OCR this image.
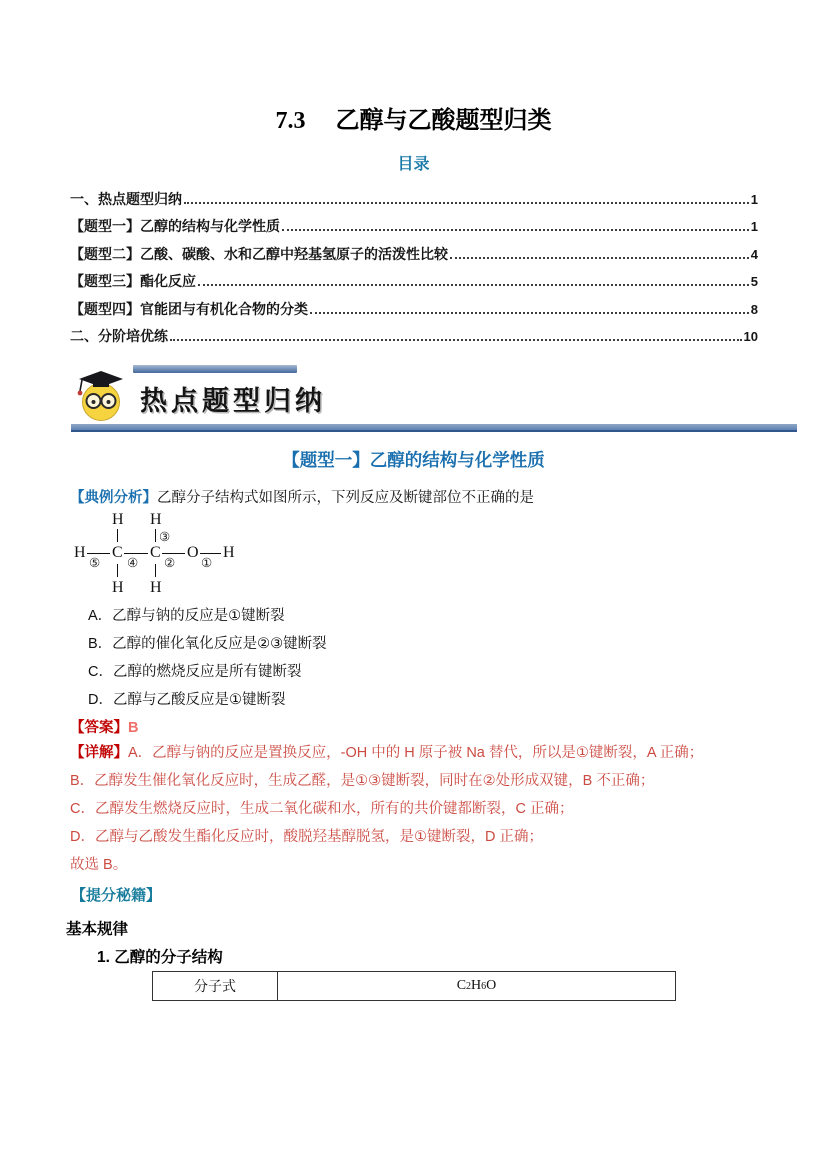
7.3 乙醇与乙酸题型归类
目录
一、热点题型归纳	1
【题型一】乙醇的结构与化学性质	1
【题型二】乙酸、碳酸、水和乙醇中羟基氢原子的活泼性比较	4
【题型三】酯化反应	5
【题型四】官能团与有机化合物的分类	8
二、分阶培优练	10
热点题型归纳
【题型一】乙醇的结构与化学性质
【典例分析】乙醇分子结构式如图所示，下列反应及断键部位不正确的是
H H
③
H C C O H
⑤ ④ ② ①
H H
A．乙醇与钠的反应是①键断裂
B．乙醇的催化氧化反应是②③键断裂
C．乙醇的燃烧反应是所有键断裂
D．乙醇与乙酸反应是①键断裂
【答案】B
【详解】A．乙醇与钠的反应是置换反应，-OH 中的 H 原子被 Na 替代，所以是①键断裂，A 正确；
B．乙醇发生催化氧化反应时，生成乙醛，是①③键断裂，同时在②处形成双键，B 不正确；
C．乙醇发生燃烧反应时，生成二氧化碳和水，所有的共价键都断裂，C 正确；
D．乙醇与乙酸发生酯化反应时，酸脱羟基醇脱氢，是①键断裂，D 正确；
故选 B。
【提分秘籍】
基本规律
1. 乙醇的分子结构
分子式	C 2 H 6 O
